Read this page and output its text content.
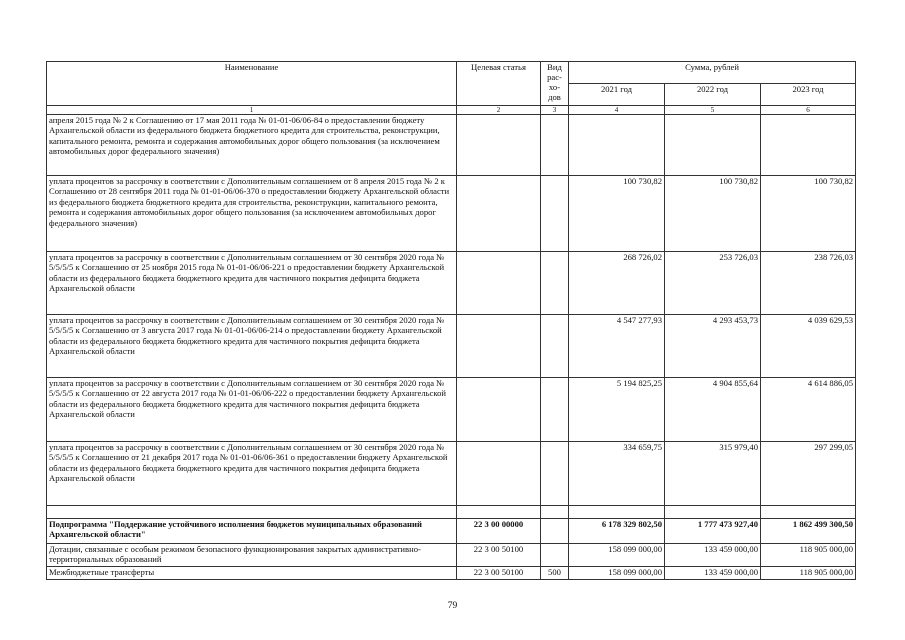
Наименование	Целевая статья	Вид
рас-
хо-
дов	Сумма, рублей		
			2021 год	2022 год	2023 год
1	2	3	4	5	6
апреля 2015 года № 2 к Соглашению от 17 мая 2011 года № 01-01-06/06-84 о предоставлении бюджету Архангельской области из федерального бюджета бюджетного кредита для строительства, реконструкции, капитального ремонта, ремонта и содержания автомобильных дорог общего пользования (за исключением автомобильных дорог федерального значения)					
уплата процентов за рассрочку в соответствии с Дополнительным соглашением от 8 апреля 2015 года № 2 к Соглашению от 28 сентября 2011 года № 01-01-06/06-370 о предоставлении бюджету Архангельской области из федерального бюджета бюджетного кредита для строительства, реконструкции, капитального ремонта, ремонта и содержания автомобильных дорог общего пользования (за исключением автомобильных дорог федерального значения)			100 730,82	100 730,82	100 730,82
уплата процентов за рассрочку в соответствии с Дополнительным соглашением от 30 сентября 2020 года № 5/5/5/5 к Соглашению от 25 ноября 2015 года № 01-01-06/06-221 о предоставлении бюджету Архангельской области из федерального бюджета бюджетного кредита для частичного покрытия дефицита бюджета Архангельской области			268 726,02	253 726,03	238 726,03
уплата процентов за рассрочку в соответствии с Дополнительным соглашением от 30 сентября 2020 года № 5/5/5/5 к Соглашению от 3 августа 2017 года № 01-01-06/06-214 о предоставлении бюджету Архангельской области из федерального бюджета бюджетного кредита для частичного покрытия дефицита бюджета Архангельской области			4 547 277,93	4 293 453,73	4 039 629,53
уплата процентов за рассрочку в соответствии с Дополнительным соглашением от 30 сентября 2020 года № 5/5/5/5 к Соглашению от 22 августа 2017 года № 01-01-06/06-222 о предоставлении бюджету Архангельской области из федерального бюджета бюджетного кредита для частичного покрытия дефицита бюджета Архангельской области			5 194 825,25	4 904 855,64	4 614 886,05
уплата процентов за рассрочку в соответствии с Дополнительным соглашением от 30 сентября 2020 года № 5/5/5/5 к Соглашению от 21 декабря 2017 года № 01-01-06/06-361 о предоставлении бюджету Архангельской области из федерального бюджета бюджетного кредита для частичного покрытия дефицита бюджета Архангельской области			334 659,75	315 979,40	297 299,05

Подпрограмма "Поддержание устойчивого исполнения бюджетов муниципальных образований Архангельской области"	22 3 00 00000		6 178 329 802,50	1 777 473 927,40	1 862 499 300,50
Дотации, связанные с особым режимом безопасного функционирования закрытых административно-территориальных образований	22 3 00 50100		158 099 000,00	133 459 000,00	118 905 000,00
Межбюджетные трансферты	22 3 00 50100	500	158 099 000,00	133 459 000,00	118 905 000,00
79
